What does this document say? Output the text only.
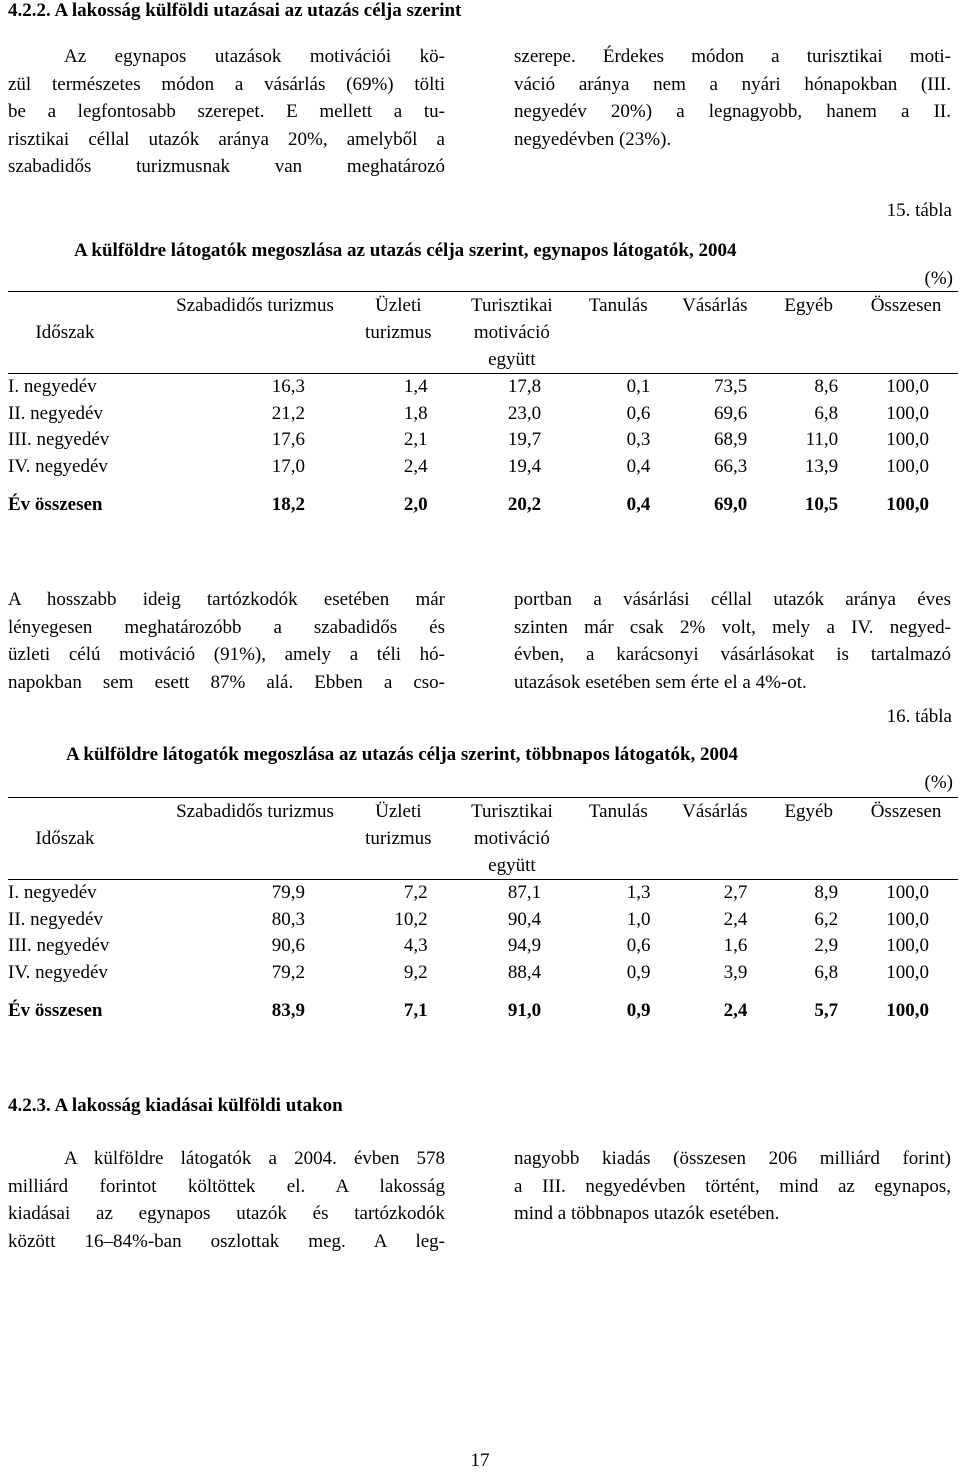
4.2.2. A lakosság külföldi utazásai az utazás célja szerint
Az egynapos utazások motivációi kö-
zül természetes módon a vásárlás (69%) tölti
be a legfontosabb szerepet. E mellett a tu-
risztikai céllal utazók aránya 20%, amelyből a
szabadidős turizmusnak van meghatározó
szerepe. Érdekes módon a turisztikai moti-
váció aránya nem a nyári hónapokban (III.
negyedév 20%) a legnagyobb, hanem a II.
negyedévben (23%).
15. tábla
A külföldre látogatók megoszlása az utazás célja szerint, egynapos látogatók, 2004
(%)
Időszak	Szabadidős turizmus	Üzleti turizmus	Turisztikai motiváció együtt	Tanulás	Vásárlás	Egyéb	Összesen
I. negyedév	16,3	1,4	17,8	0,1	73,5	8,6	100,0
II. negyedév	21,2	1,8	23,0	0,6	69,6	6,8	100,0
III. negyedév	17,6	2,1	19,7	0,3	68,9	11,0	100,0
IV. negyedév	17,0	2,4	19,4	0,4	66,3	13,9	100,0
Év összesen	18,2	2,0	20,2	0,4	69,0	10,5	100,0
A hosszabb ideig tartózkodók esetében már
lényegesen meghatározóbb a szabadidős és
üzleti célú motiváció (91%), amely a téli hó-
napokban sem esett 87% alá. Ebben a cso-
portban a vásárlási céllal utazók aránya éves
szinten már csak 2% volt, mely a IV. negyed-
évben, a karácsonyi vásárlásokat is tartalmazó
utazások esetében sem érte el a 4%-ot.
16. tábla
A külföldre látogatók megoszlása az utazás célja szerint, többnapos látogatók, 2004
(%)
Időszak	Szabadidős turizmus	Üzleti turizmus	Turisztikai motiváció együtt	Tanulás	Vásárlás	Egyéb	Összesen
I. negyedév	79,9	7,2	87,1	1,3	2,7	8,9	100,0
II. negyedév	80,3	10,2	90,4	1,0	2,4	6,2	100,0
III. negyedév	90,6	4,3	94,9	0,6	1,6	2,9	100,0
IV. negyedév	79,2	9,2	88,4	0,9	3,9	6,8	100,0
Év összesen	83,9	7,1	91,0	0,9	2,4	5,7	100,0
4.2.3. A lakosság kiadásai külföldi utakon
A külföldre látogatók a 2004. évben 578
milliárd forintot költöttek el. A lakosság
kiadásai az egynapos utazók és tartózkodók
között 16–84%-ban oszlottak meg. A leg-
nagyobb kiadás (összesen 206 milliárd forint)
a III. negyedévben történt, mind az egynapos,
mind a többnapos utazók esetében.
17
